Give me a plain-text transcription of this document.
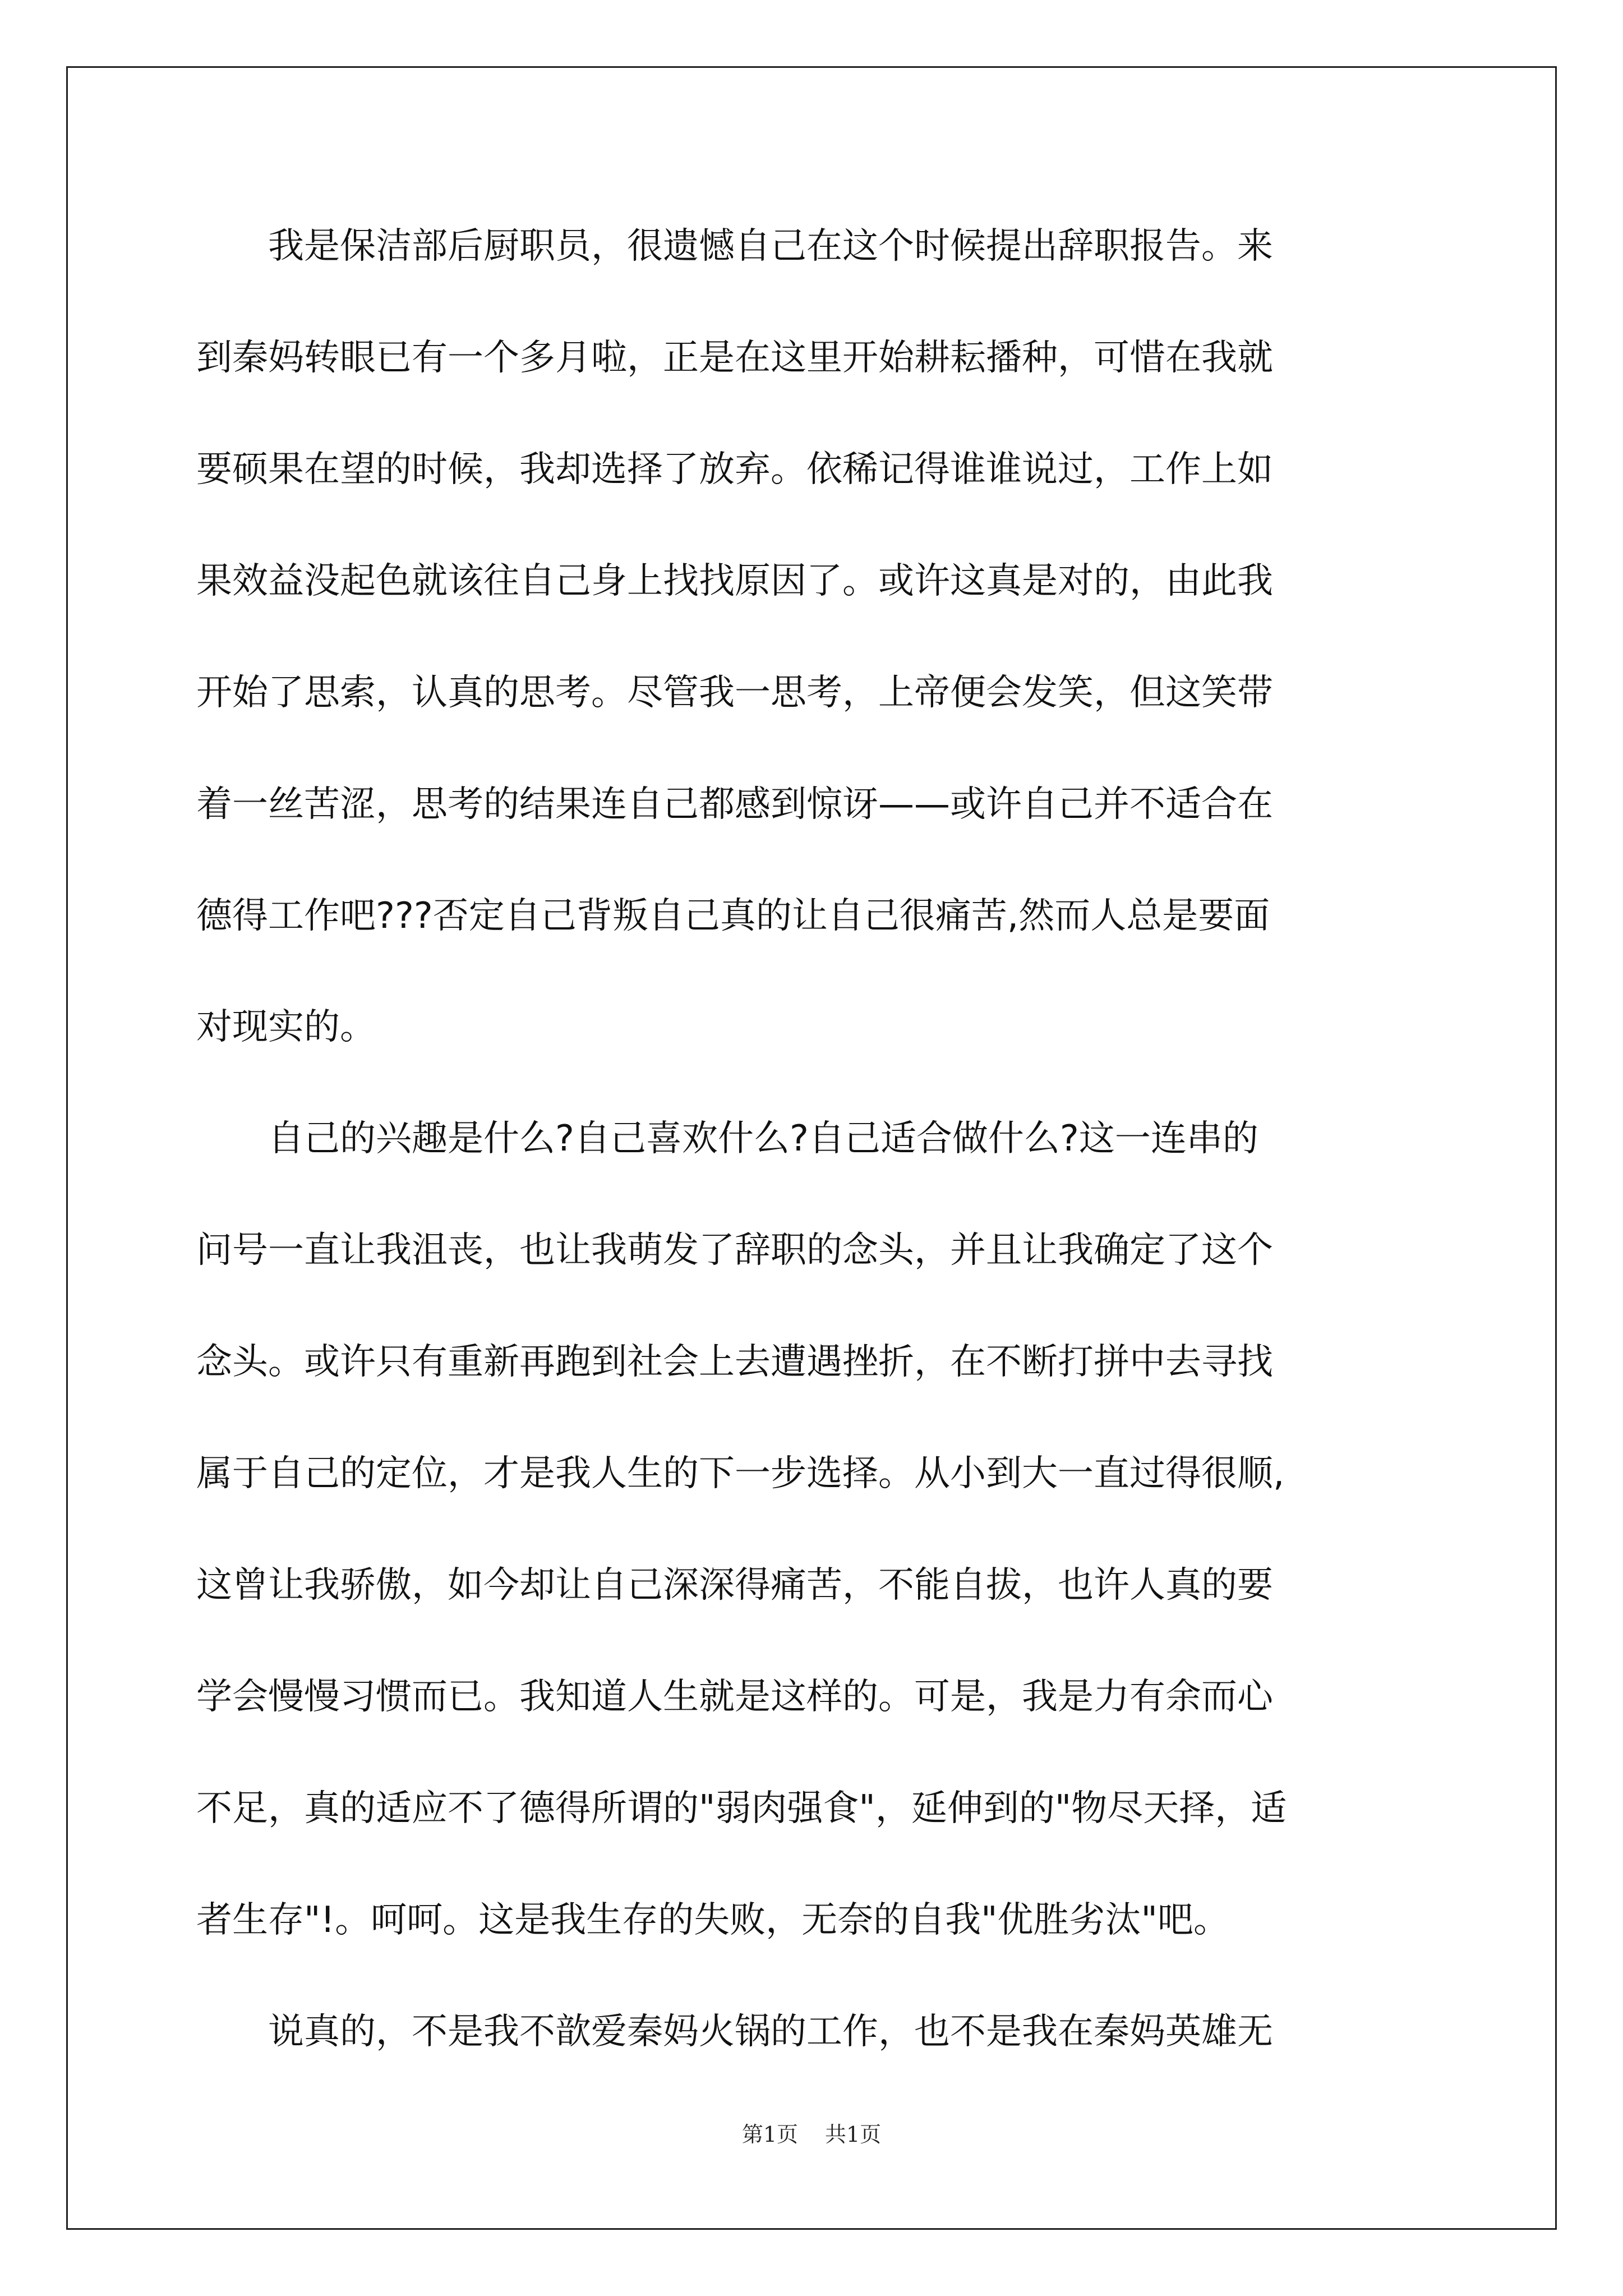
　　我是保洁部后厨职员，很遗憾自己在这个时候提出辞职报告。来
到秦妈转眼已有一个多月啦，正是在这里开始耕耘播种，可惜在我就
要硕果在望的时候，我却选择了放弃。依稀记得谁谁说过，工作上如
果效益没起色就该往自己身上找找原因了。或许这真是对的，由此我
开始了思索，认真的思考。尽管我一思考，上帝便会发笑，但这笑带
着一丝苦涩，思考的结果连自己都感到惊讶——或许自己并不适合在
德得工作吧???否定自己背叛自己真的让自己很痛苦,然而人总是要面
对现实的。
　　自己的兴趣是什么?自己喜欢什么?自己适合做什么?这一连串的
问号一直让我沮丧，也让我萌发了辞职的念头，并且让我确定了这个
念头。或许只有重新再跑到社会上去遭遇挫折，在不断打拼中去寻找
属于自己的定位，才是我人生的下一步选择。从小到大一直过得很顺,
这曾让我骄傲，如今却让自己深深得痛苦，不能自拔，也许人真的要
学会慢慢习惯而已。我知道人生就是这样的。可是，我是力有余而心
不足，真的适应不了德得所谓的"弱肉强食"，延伸到的"物尽天择，适
者生存"!。呵呵。这是我生存的失败，无奈的自我"优胜劣汰"吧。
　　说真的，不是我不歆爱秦妈火锅的工作，也不是我在秦妈英雄无
第1页 共1页
